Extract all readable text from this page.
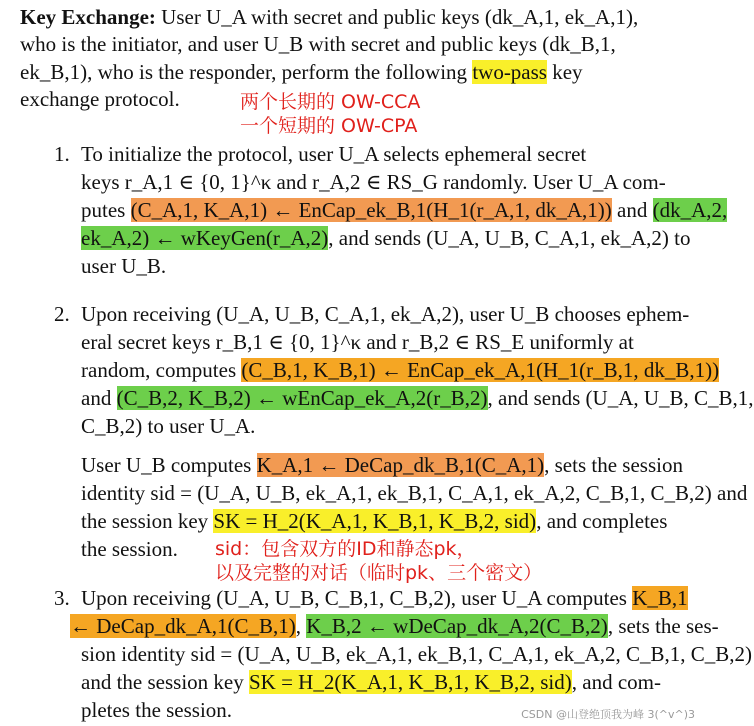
Key Exchange: User U_A with secret and public keys (dk_A,1, ek_A,1),
who is the initiator, and user U_B with secret and public keys (dk_B,1,
ek_B,1), who is the responder, perform the following two-pass key
exchange protocol.	两个长期的 OW-CCA
一个短期的 OW-CPA
1. To initialize the protocol, user U_A selects ephemeral secret
keys r_A,1 ∈ {0, 1}^κ and r_A,2 ∈ RS_G randomly. User U_A com-
putes (C_A,1, K_A,1) ← EnCap_ek_B,1(H_1(r_A,1, dk_A,1)) and (dk_A,2,
ek_A,2) ← wKeyGen(r_A,2), and sends (U_A, U_B, C_A,1, ek_A,2) to
user U_B.
2. Upon receiving (U_A, U_B, C_A,1, ek_A,2), user U_B chooses ephem-
eral secret keys r_B,1 ∈ {0, 1}^κ and r_B,2 ∈ RS_E uniformly at
random, computes (C_B,1, K_B,1) ← EnCap_ek_A,1(H_1(r_B,1, dk_B,1))
and (C_B,2, K_B,2) ← wEnCap_ek_A,2(r_B,2), and sends (U_A, U_B, C_B,1,
C_B,2) to user U_A.
User U_B computes K_A,1 ← DeCap_dk_B,1(C_A,1), sets the session
identity sid = (U_A, U_B, ek_A,1, ek_B,1, C_A,1, ek_A,2, C_B,1, C_B,2) and
the session key SK = H_2(K_A,1, K_B,1, K_B,2, sid), and completes
the session. sid：包含双方的ID和静态pk，
以及完整的对话（临时pk、三个密文）
3. Upon receiving (U_A, U_B, C_B,1, C_B,2), user U_A computes K_B,1
← DeCap_dk_A,1(C_B,1), K_B,2 ← wDeCap_dk_A,2(C_B,2), sets the ses-
sion identity sid = (U_A, U_B, ek_A,1, ek_B,1, C_A,1, ek_A,2, C_B,1, C_B,2)
and the session key SK = H_2(K_A,1, K_B,1, K_B,2, sid), and com-
pletes the session.	CSDN @山登绝顶我为峰 3(^v^)3
